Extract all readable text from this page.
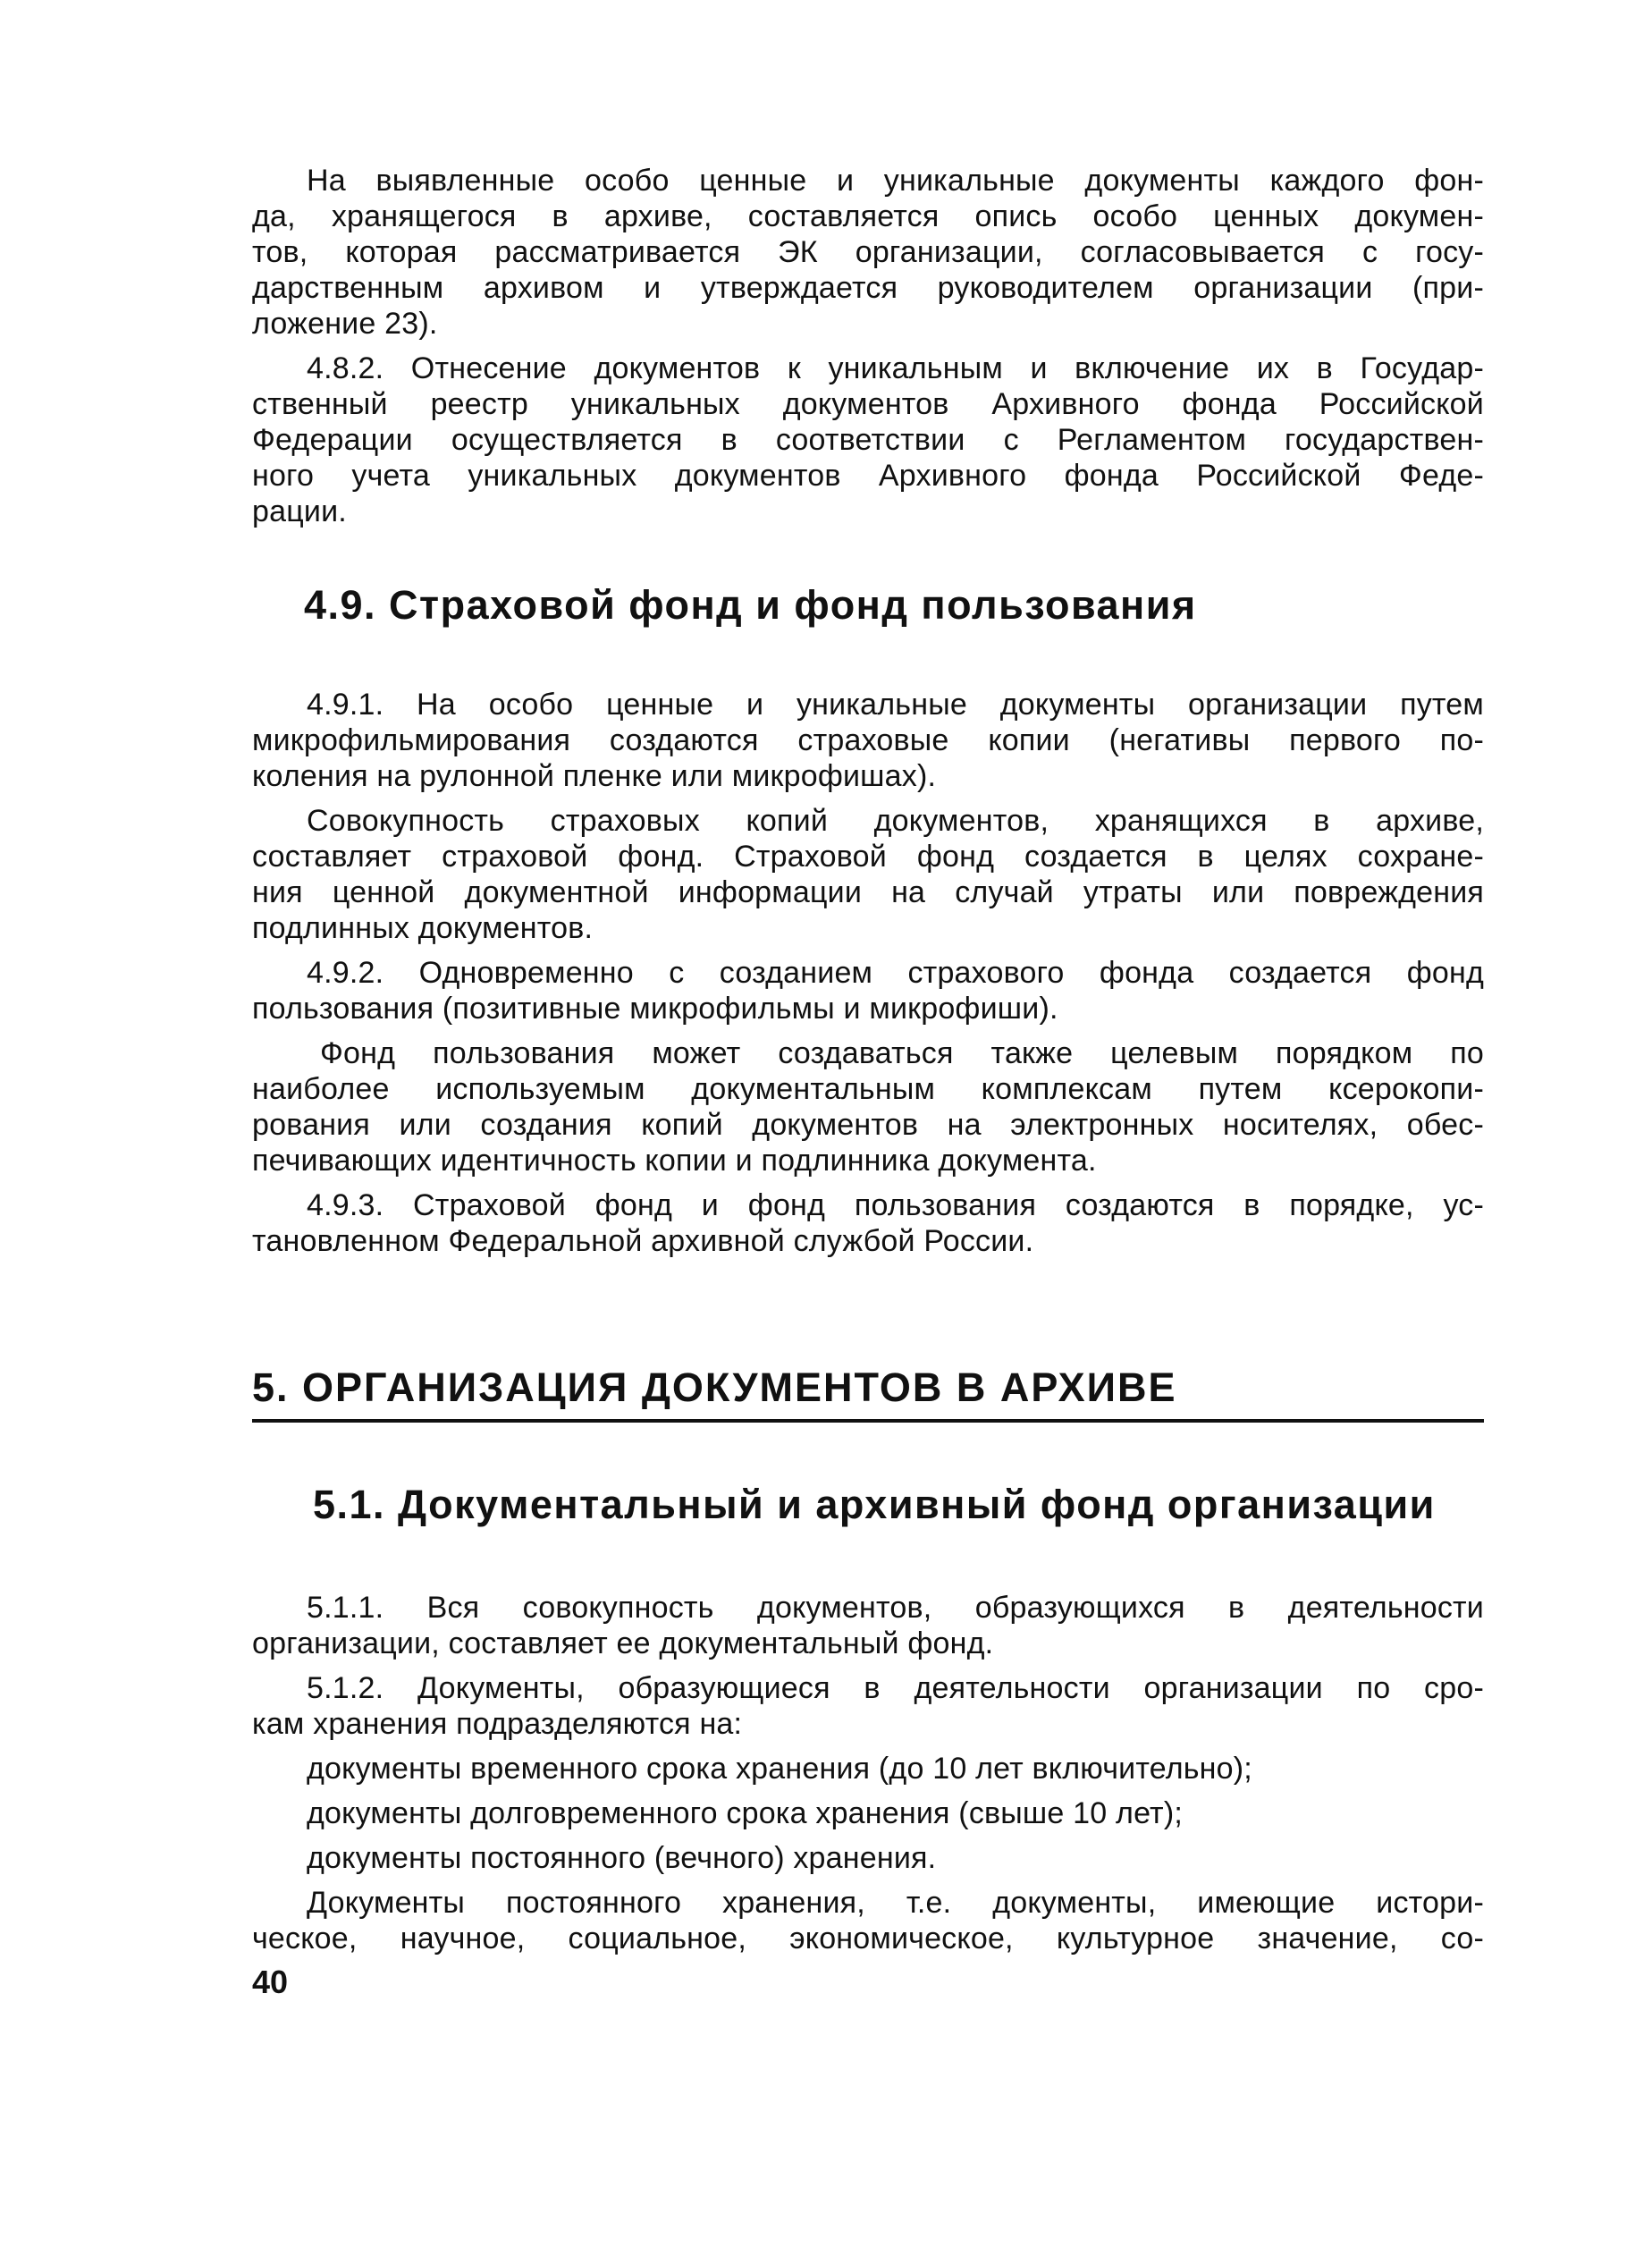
На выявленные особо ценные и уникальные документы каждого фон-

да, хранящегося в архиве, составляется опись особо ценных докумен-

тов, которая рассматривается ЭК организации, согласовывается с госу-

дарственным архивом и утверждается руководителем организации (при-

ложение 23).

4.8.2. Отнесение документов к уникальным и включение их в Государ-

ственный реестр уникальных документов Архивного фонда Российской

Федерации осуществляется в соответствии с Регламентом государствен-

ного учета уникальных документов Архивного фонда Российской Феде-

рации.

4.9. Страховой фонд и фонд пользования

4.9.1. На особо ценные и уникальные документы организации путем

микрофильмирования создаются страховые копии (негативы первого по-

коления на рулонной пленке или микрофишах).

Совокупность страховых копий документов, хранящихся в архиве,

составляет страховой фонд. Страховой фонд создается в целях сохране-

ния ценной документной информации на случай утраты или повреждения

подлинных документов.

4.9.2. Одновременно с созданием страхового фонда создается фонд

пользования (позитивные микрофильмы и микрофиши).

Фонд пользования может создаваться также целевым порядком по

наиболее используемым документальным комплексам путем ксерокопи-

рования или создания копий документов на электронных носителях, обес-

печивающих идентичность копии и подлинника документа.

4.9.3. Страховой фонд и фонд пользования создаются в порядке, ус-

тановленном Федеральной архивной службой России.

5. ОРГАНИЗАЦИЯ ДОКУМЕНТОВ В АРХИВЕ
5.1. Документальный и архивный фонд организации

5.1.1. Вся совокупность документов, образующихся в деятельности

организации, составляет ее документальный фонд.

5.1.2. Документы, образующиеся в деятельности организации по сро-

кам хранения подразделяются на:

документы временного срока хранения (до 10 лет включительно);

документы долговременного срока хранения (свыше 10 лет);

документы постоянного (вечного) хранения.

Документы постоянного хранения, т.е. документы, имеющие истори-

ческое, научное, социальное, экономическое, культурное значение, со-

40
